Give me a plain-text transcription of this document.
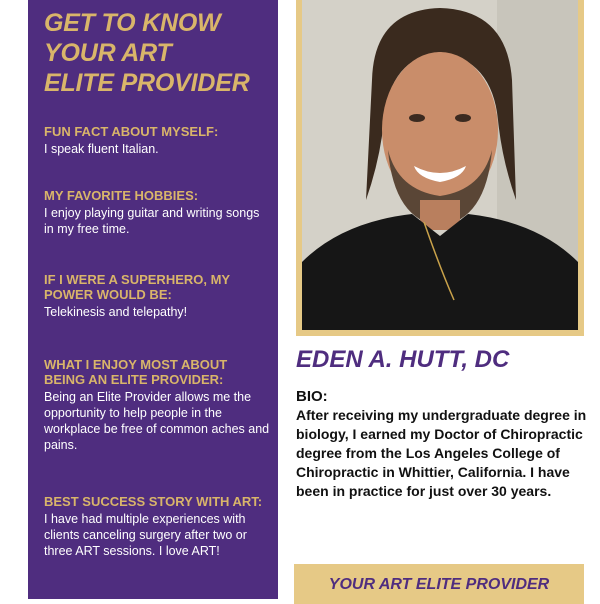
GET TO KNOW
YOUR ART
ELITE PROVIDER

FUN FACT ABOUT MYSELF:

I speak fluent Italian.

MY FAVORITE HOBBIES:

I enjoy playing guitar and writing songs in my free time.

IF I WERE A SUPERHERO, MY POWER WOULD BE:

Telekinesis and telepathy!

WHAT I ENJOY MOST ABOUT BEING AN ELITE PROVIDER:

Being an Elite Provider allows me the opportunity to help people in the workplace be free of common aches and pains.

BEST SUCCESS STORY WITH ART:

I have had multiple experiences with clients canceling surgery after two or three ART sessions. I love ART!

EDEN A. HUTT, DC

BIO:

After receiving my undergraduate degree in biology, I earned my Doctor of Chiropractic degree from the Los Angeles College of Chiropractic in Whittier, California. I have been in practice for just over 30 years.

YOUR ART ELITE PROVIDER
